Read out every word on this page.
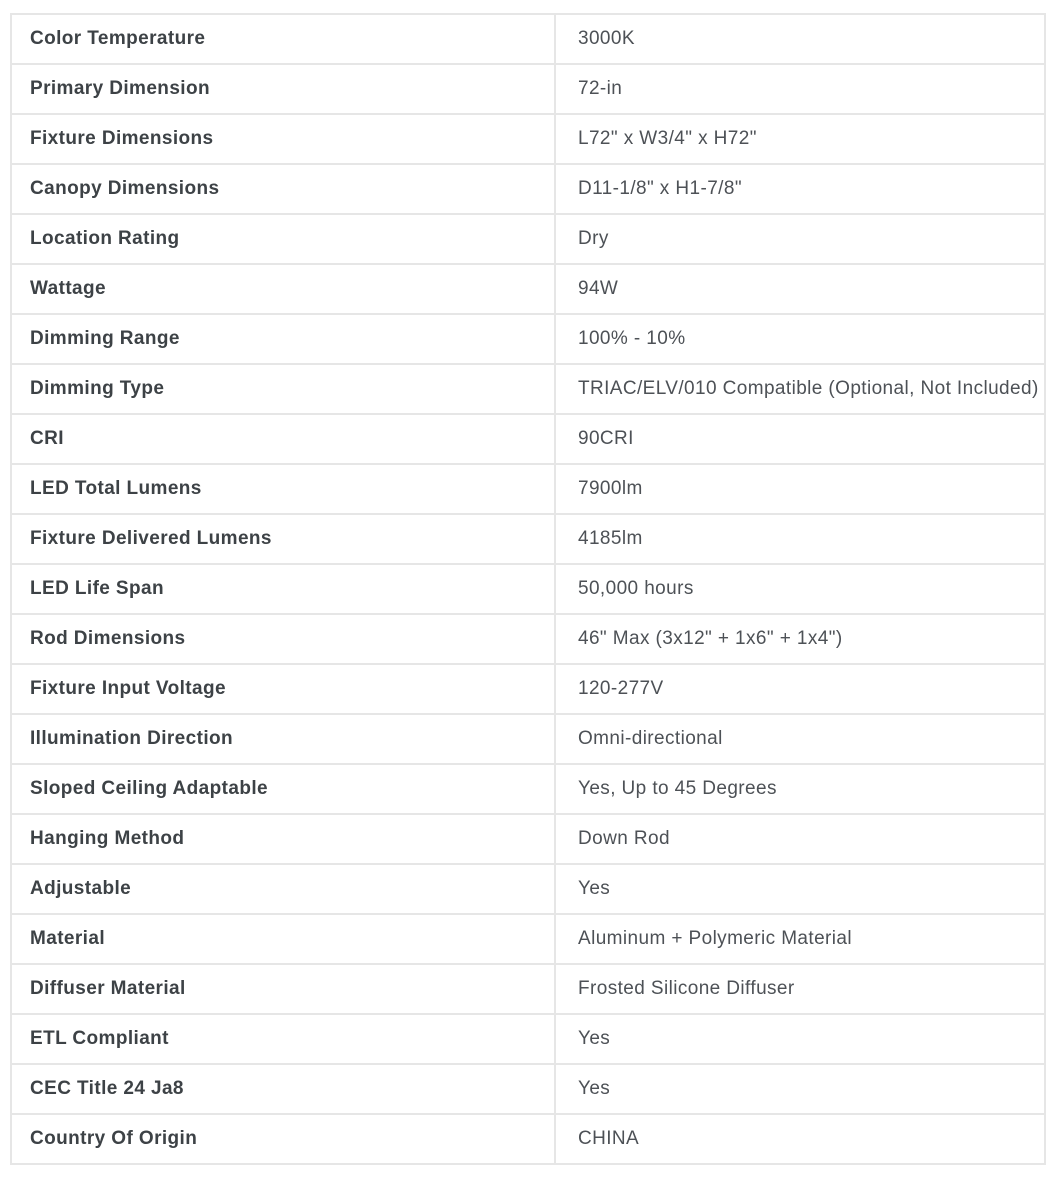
Color Temperature	3000K
Primary Dimension	72-in
Fixture Dimensions	L72" x W3/4" x H72"
Canopy Dimensions	D11-1/8" x H1-7/8"
Location Rating	Dry
Wattage	94W
Dimming Range	100% - 10%
Dimming Type	TRIAC/ELV/010 Compatible (Optional, Not Included)
CRI	90CRI
LED Total Lumens	7900lm
Fixture Delivered Lumens	4185lm
LED Life Span	50,000 hours
Rod Dimensions	46" Max (3x12" + 1x6" + 1x4")
Fixture Input Voltage	120-277V
Illumination Direction	Omni-directional
Sloped Ceiling Adaptable	Yes, Up to 45 Degrees
Hanging Method	Down Rod
Adjustable	Yes
Material	Aluminum + Polymeric Material
Diffuser Material	Frosted Silicone Diffuser
ETL Compliant	Yes
CEC Title 24 Ja8	Yes
Country Of Origin	CHINA
